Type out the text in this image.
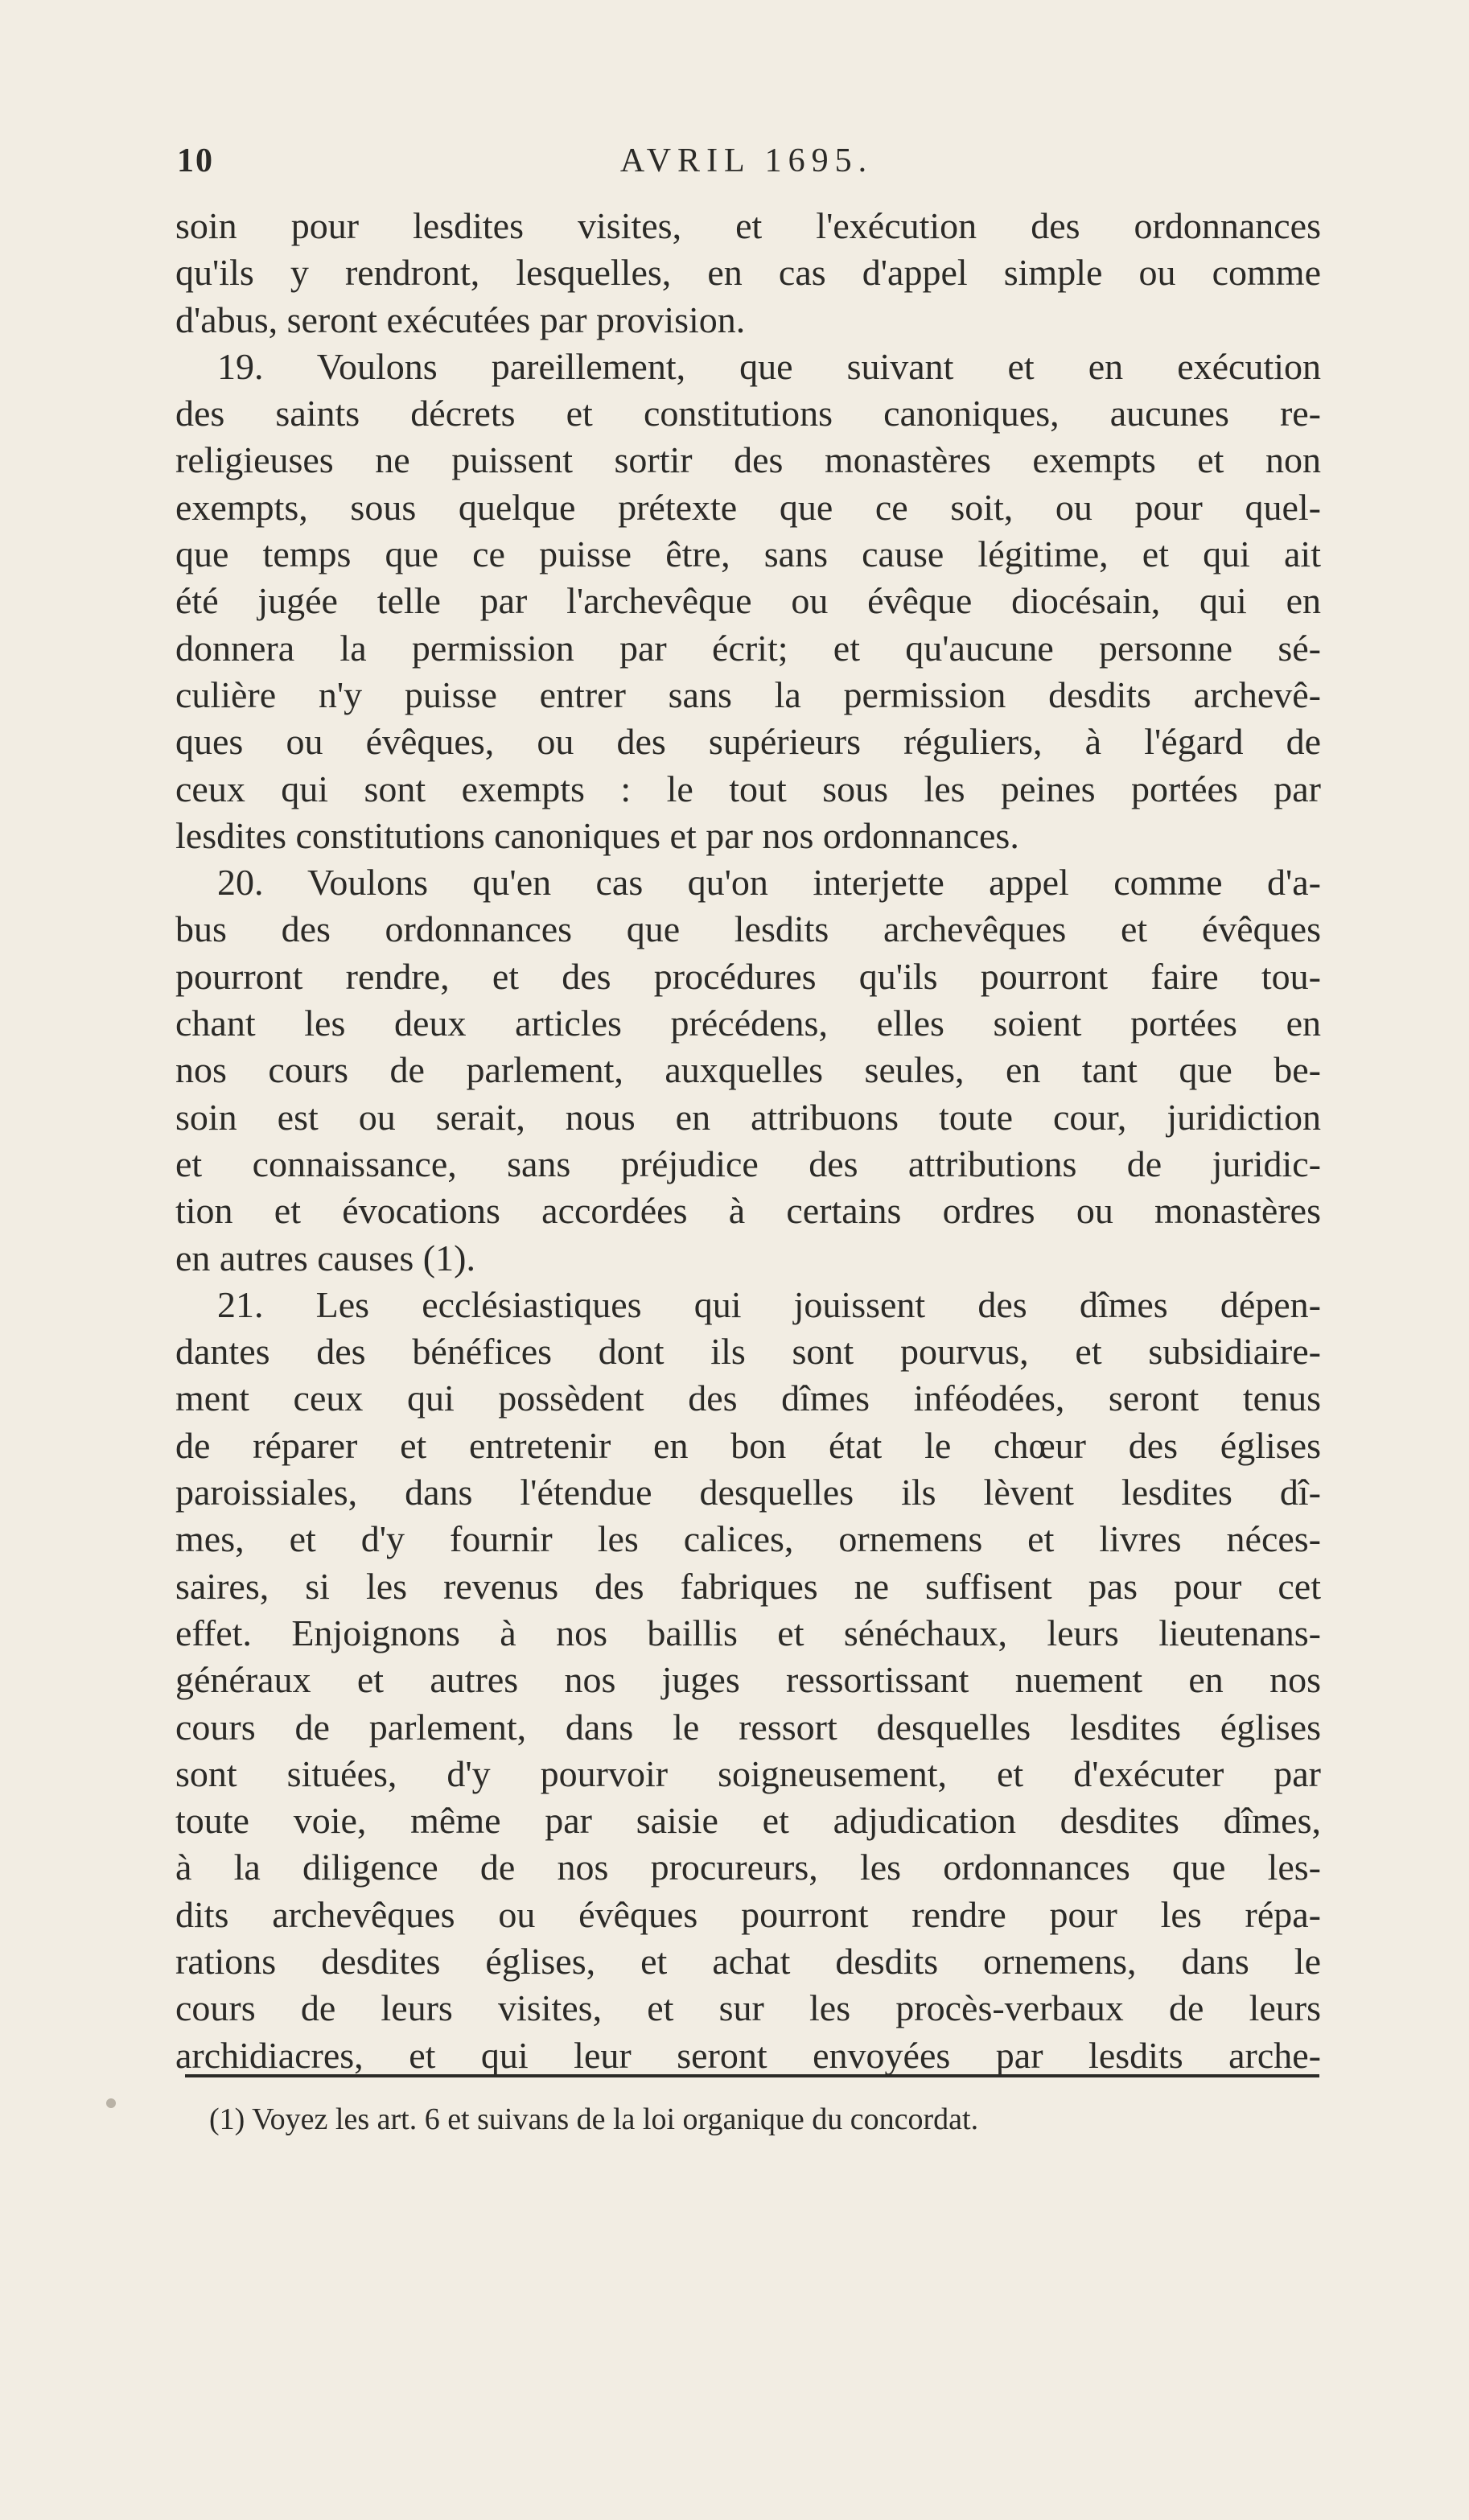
10	AVRIL 1695.
soin pour lesdites visites, et l'exécution des ordonnances
qu'ils y rendront, lesquelles, en cas d'appel simple ou comme
d'abus, seront exécutées par provision.
19. Voulons pareillement, que suivant et en exécution
des saints décrets et constitutions canoniques, aucunes re-
religieuses ne puissent sortir des monastères exempts et non
exempts, sous quelque prétexte que ce soit, ou pour quel-
que temps que ce puisse être, sans cause légitime, et qui ait
été jugée telle par l'archevêque ou évêque diocésain, qui en
donnera la permission par écrit; et qu'aucune personne sé-
culière n'y puisse entrer sans la permission desdits archevê-
ques ou évêques, ou des supérieurs réguliers, à l'égard de
ceux qui sont exempts : le tout sous les peines portées par
lesdites constitutions canoniques et par nos ordonnances.
20. Voulons qu'en cas qu'on interjette appel comme d'a-
bus des ordonnances que lesdits archevêques et évêques
pourront rendre, et des procédures qu'ils pourront faire tou-
chant les deux articles précédens, elles soient portées en
nos cours de parlement, auxquelles seules, en tant que be-
soin est ou serait, nous en attribuons toute cour, juridiction
et connaissance, sans préjudice des attributions de juridic-
tion et évocations accordées à certains ordres ou monastères
en autres causes (1).
21. Les ecclésiastiques qui jouissent des dîmes dépen-
dantes des bénéfices dont ils sont pourvus, et subsidiaire-
ment ceux qui possèdent des dîmes inféodées, seront tenus
de réparer et entretenir en bon état le chœur des églises
paroissiales, dans l'étendue desquelles ils lèvent lesdites dî-
mes, et d'y fournir les calices, ornemens et livres néces-
saires, si les revenus des fabriques ne suffisent pas pour cet
effet. Enjoignons à nos baillis et sénéchaux, leurs lieutenans-
généraux et autres nos juges ressortissant nuement en nos
cours de parlement, dans le ressort desquelles lesdites églises
sont situées, d'y pourvoir soigneusement, et d'exécuter par
toute voie, même par saisie et adjudication desdites dîmes,
à la diligence de nos procureurs, les ordonnances que les-
dits archevêques ou évêques pourront rendre pour les répa-
rations desdites églises, et achat desdits ornemens, dans le
cours de leurs visites, et sur les procès-verbaux de leurs
archidiacres, et qui leur seront envoyées par lesdits arche-
(1) Voyez les art. 6 et suivans de la loi organique du concordat.
